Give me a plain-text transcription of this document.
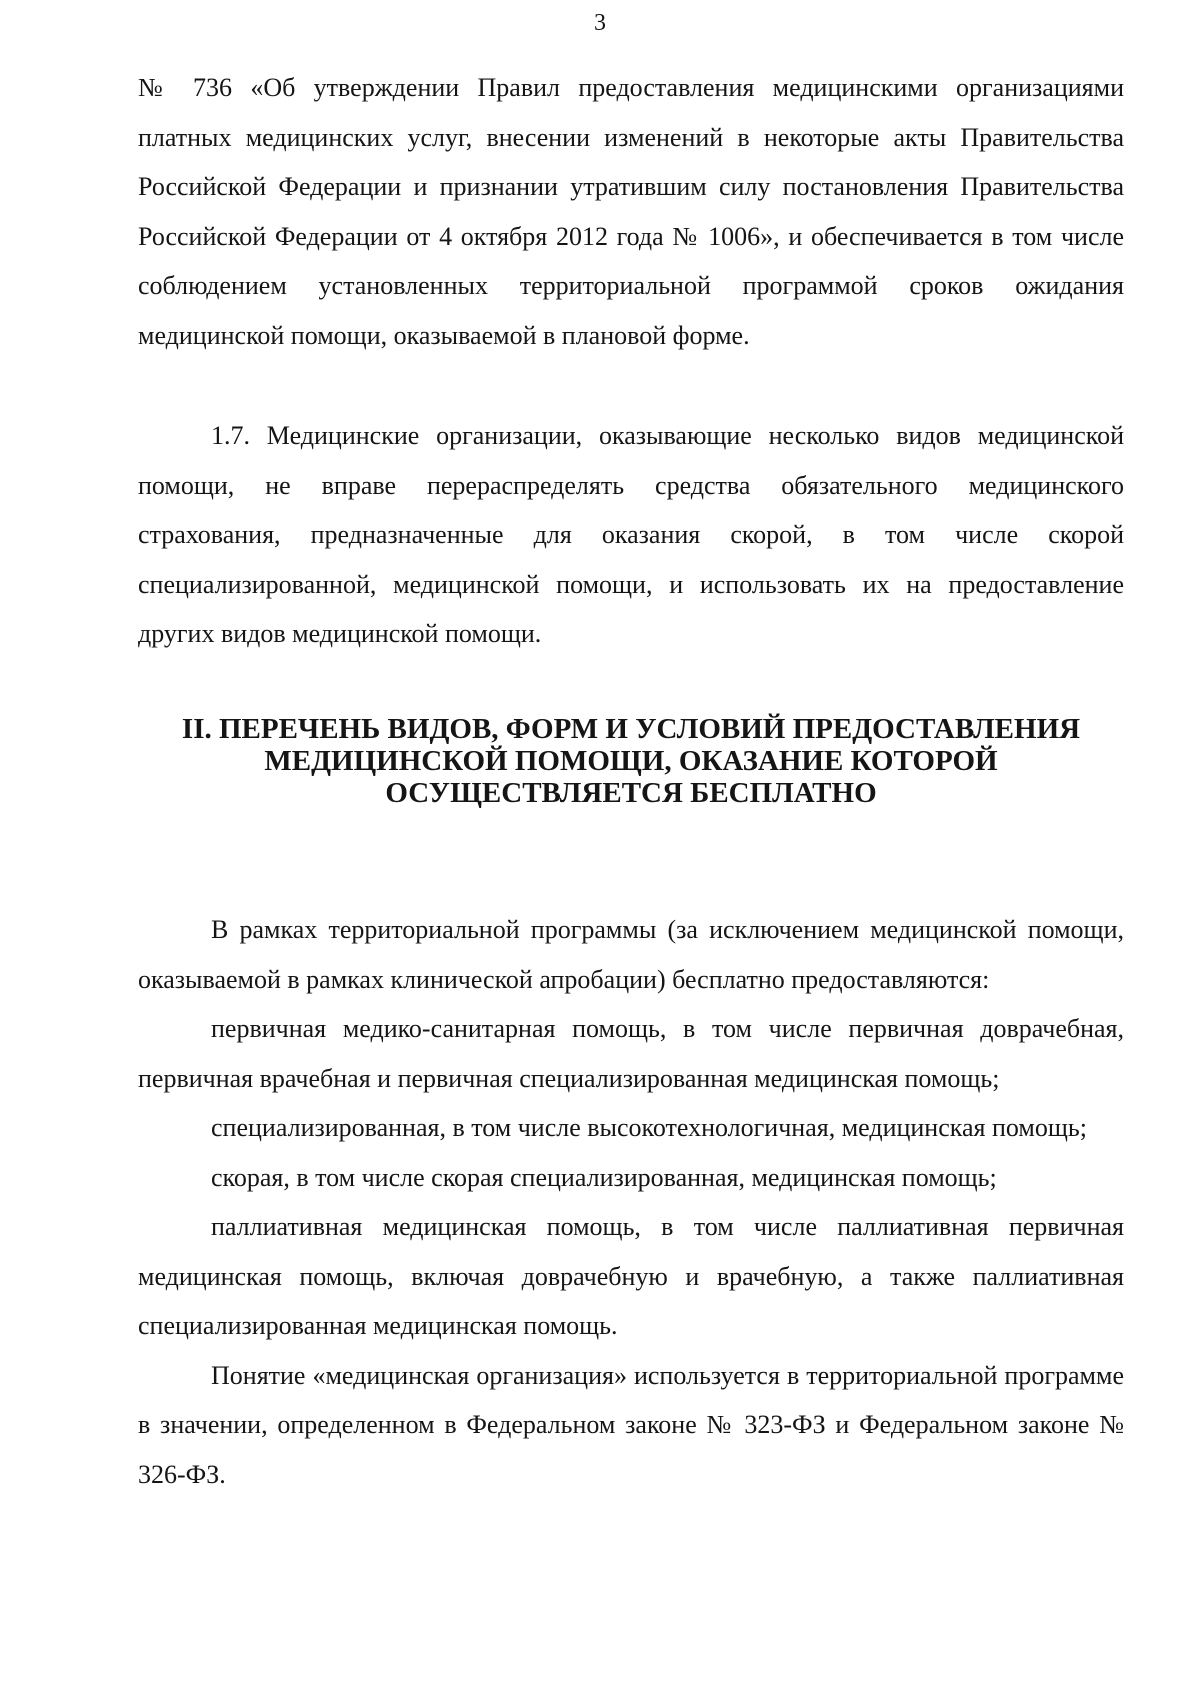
3

№ 736 «Об утверждении Правил предоставления медицинскими организациями платных медицинских услуг, внесении изменений в некоторые акты Правительства Российской Федерации и признании утратившим силу постановления Правительства Российской Федерации от 4 октября 2012 года № 1006», и обеспечивается в том числе соблюдением установленных территориальной программой сроков ожидания медицинской помощи, оказываемой в плановой форме.

1.7. Медицинские организации, оказывающие несколько видов медицинской помощи, не вправе перераспределять средства обязательного медицинского страхования, предназначенные для оказания скорой, в том числе скорой специализированной, медицинской помощи, и использовать их на предоставление других видов медицинской помощи.

II. ПЕРЕЧЕНЬ ВИДОВ, ФОРМ И УСЛОВИЙ ПРЕДОСТАВЛЕНИЯ
МЕДИЦИНСКОЙ ПОМОЩИ, ОКАЗАНИЕ КОТОРОЙ
ОСУЩЕСТВЛЯЕТСЯ БЕСПЛАТНО

В рамках территориальной программы (за исключением медицинской помощи, оказываемой в рамках клинической апробации) бесплатно предоставляются:

первичная медико-санитарная помощь, в том числе первичная доврачебная, первичная врачебная и первичная специализированная медицинская помощь;

специализированная, в том числе высокотехнологичная, медицинская помощь;

скорая, в том числе скорая специализированная, медицинская помощь;

паллиативная медицинская помощь, в том числе паллиативная первичная медицинская помощь, включая доврачебную и врачебную, а также паллиативная специализированная медицинская помощь.

Понятие «медицинская организация» используется в территориальной программе в значении, определенном в Федеральном законе № 323-ФЗ и Федеральном законе № 326-ФЗ.
